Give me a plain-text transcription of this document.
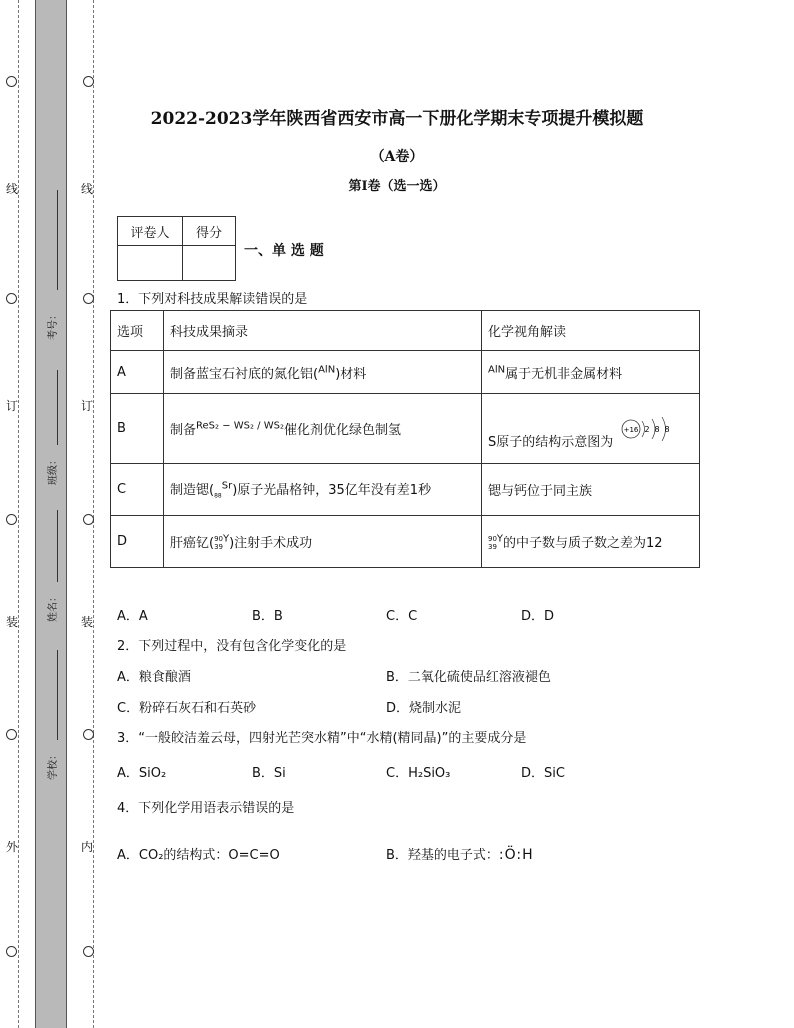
线
订
装
外
线
订
装
内
考号：
班级：
姓名：
学校：
2022-2023学年陕西省西安市高一下册化学期末专项提升模拟题
（A卷）
第I卷（选一选）
评卷人	得分

一、单 选 题
1．下列对科技成果解读错误的是
选项	科技成果摘录	化学视角解读
A	制备蓝宝石衬底的氮化铝($^{AlN}$)材料	$^{AlN}$属于无机非金属材料
B	制备$^{ReS_2 - WS_2 / WS_2}$催化剂优化绿色制氢	S原子的结构示意图为
+16 2 8 8

C	制造锶$(_{88}^{Sr})$原子光晶格钟，35亿年没有差1秒	锶与钙位于同主族
D	肝癌钇(90
$39^Y$)注射手术成功	90
$39^Y$的中子数与质子数之差为12
A．A	B．B	C．C	D．D
2．下列过程中，没有包含化学变化的是
A．粮食酿酒	B．二氧化硫使品红溶液褪色
C．粉碎石灰石和石英砂	D．烧制水泥
3．“一般皎洁羞云母，四射光芒突水精”中“水精(精同晶)”的主要成分是
A．SiO₂	B．Si	C．H₂SiO₃	D．SiC
4．下列化学用语表示错误的是
A．CO₂的结构式：O=C=O	B．羟基的电子式：:Ö:H
